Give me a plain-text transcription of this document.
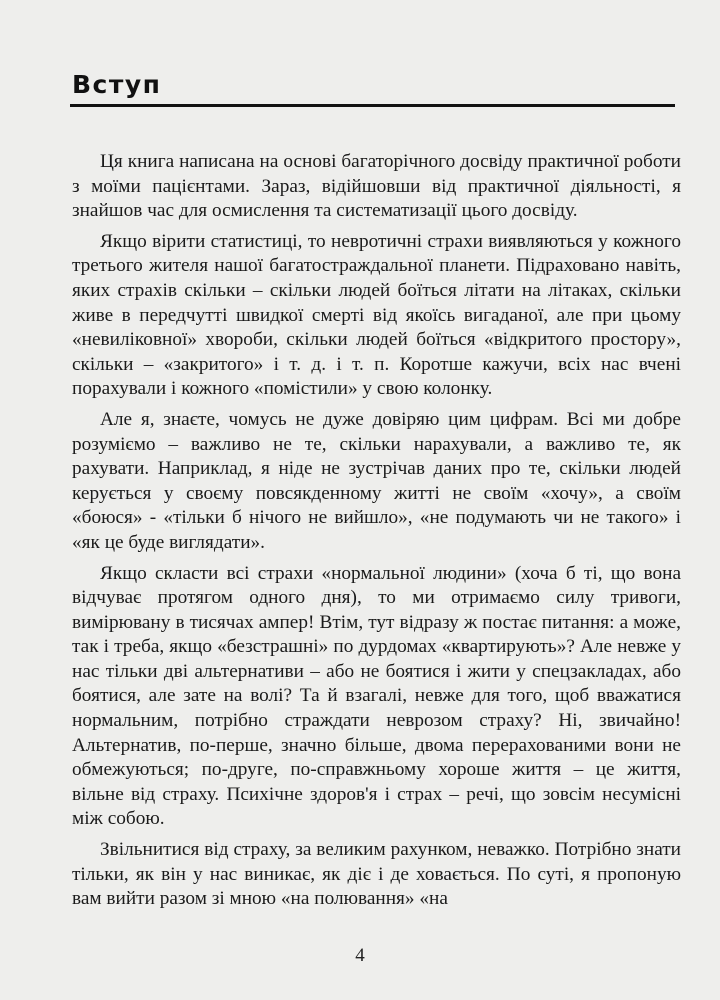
Вступ

Ця книга написана на основі багаторічного досвіду практичної роботи з моїми пацієнтами. Зараз, відійшовши від практичної діяльності, я знайшов час для осмислення та систематизації цього досвіду.

Якщо вірити статистиці, то невротичні страхи виявляються у кожного третього жителя нашої багатостраждальної планети. Підраховано навіть, яких страхів скільки – скільки людей боїться літати на літаках, скільки живе в передчутті швидкої смерті від якоїсь вигаданої, але при цьому «невиліковної» хвороби, скільки людей боїться «відкритого простору», скільки – «закритого» і т. д. і т. п. Коротше кажучи, всіх нас вчені порахували і кожного «помістили» у свою колонку.

Але я, знаєте, чомусь не дуже довіряю цим цифрам. Всі ми добре розуміємо – важливо не те, скільки нарахували, а важливо те, як рахувати. Наприклад, я ніде не зустрічав даних про те, скільки людей керується у своєму повсякденному житті не своїм «хочу», а своїм «боюся» - «тільки б нічого не вийшло», «не подумають чи не такого» і «як це буде виглядати».

Якщо скласти всі страхи «нормальної людини» (хоча б ті, що вона відчуває протягом одного дня), то ми отримаємо силу тривоги, вимірювану в тисячах ампер! Втім, тут відразу ж постає питання: а може, так і треба, якщо «безстрашні» по дурдомах «квартирують»? Але невже у нас тільки дві альтернативи – або не боятися і жити у спецзакладах, або боятися, але зате на волі? Та й взагалі, невже для того, щоб вважатися нормальним, потрібно страждати неврозом страху? Ні, звичайно! Альтернатив, по-перше, значно більше, двома перерахованими вони не обмежуються; по-друге, по-справжньому хороше життя – це життя, вільне від страху. Психічне здоров'я і страх – речі, що зовсім несумісні між собою.

Звільнитися від страху, за великим рахунком, неважко. Потрібно знати тільки, як він у нас виникає, як діє і де ховається. По суті, я пропоную вам вийти разом зі мною «на полювання» «на

4
